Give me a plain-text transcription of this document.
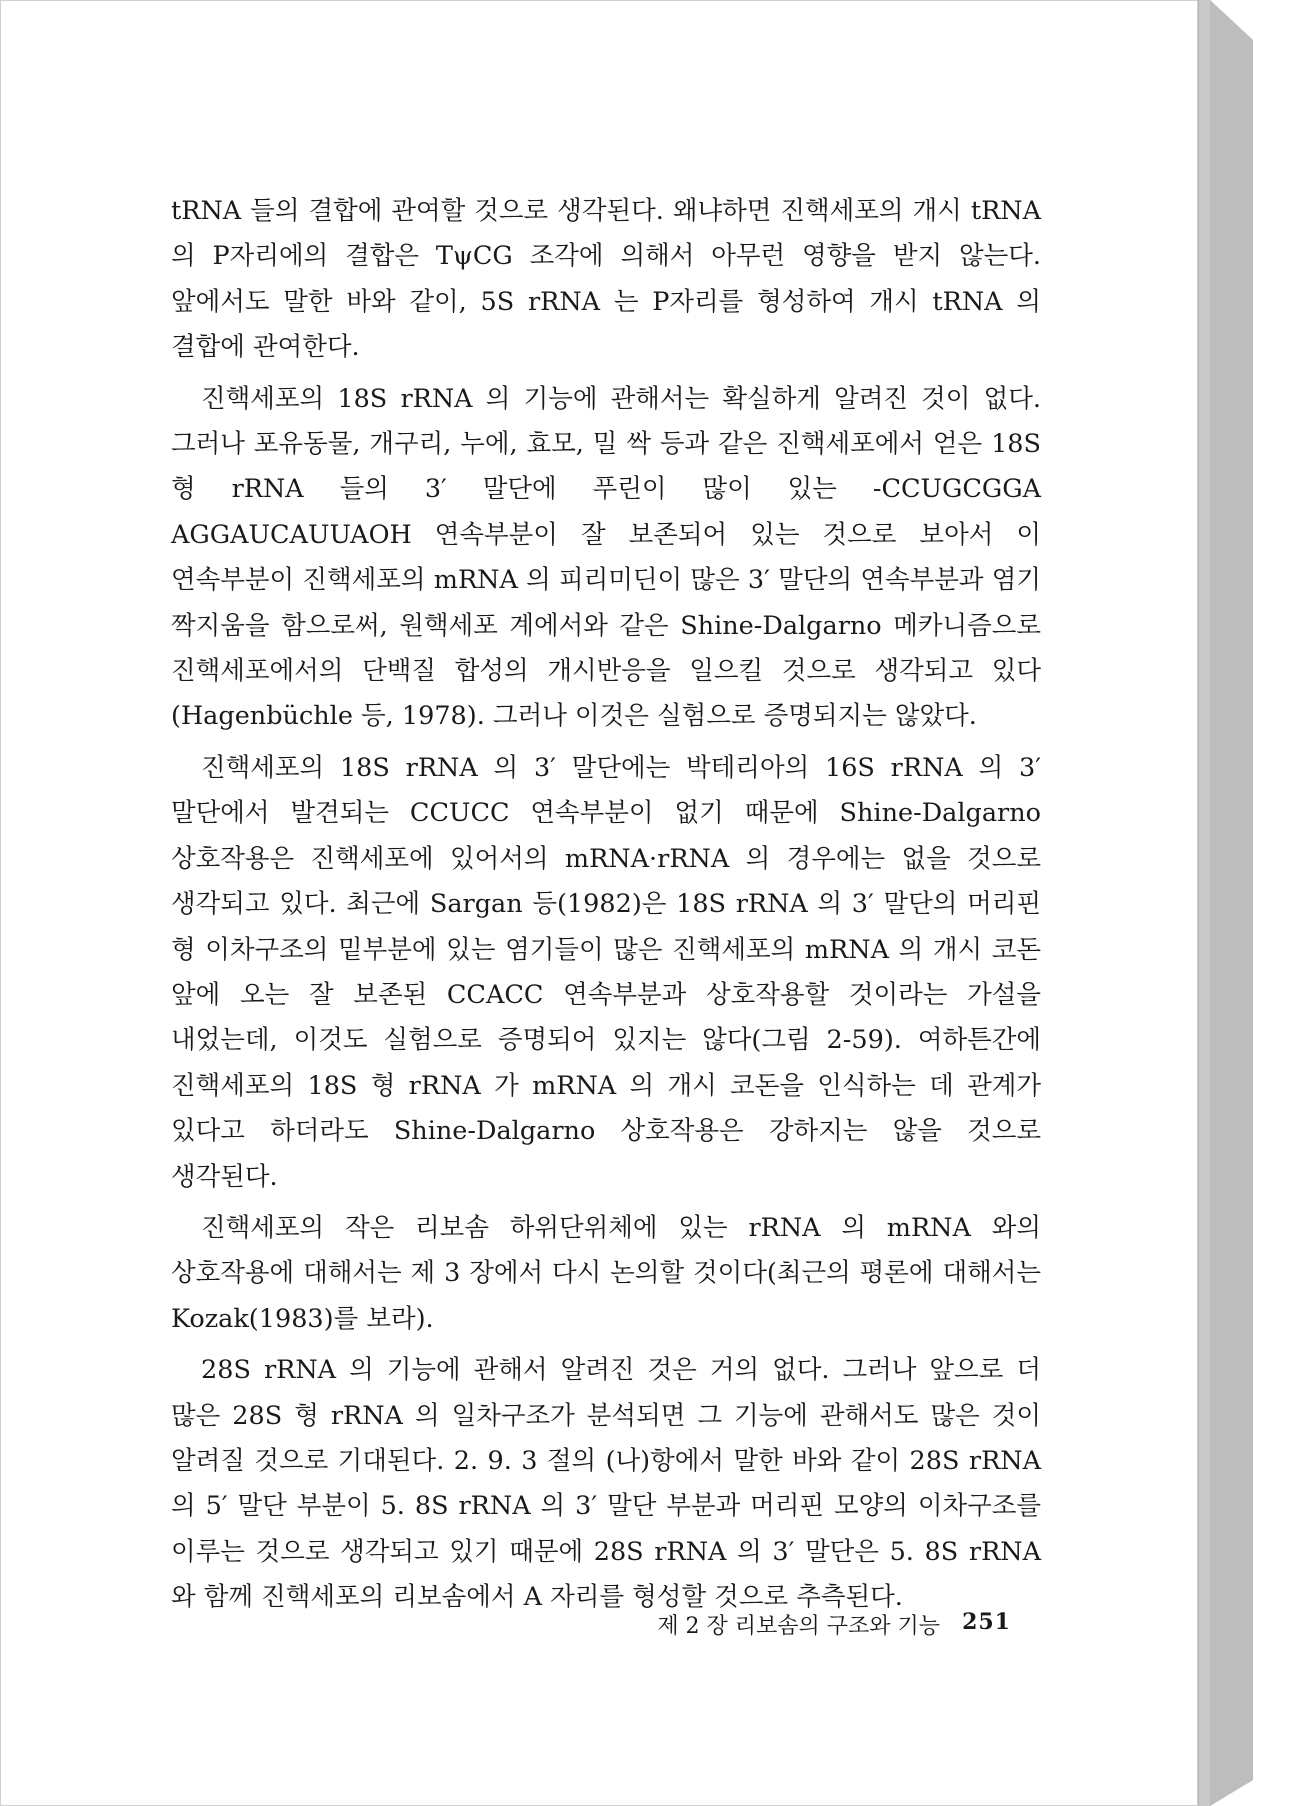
tRNA 들의 결합에 관여할 것으로 생각된다. 왜냐하면 진핵세포의 개시 tRNA 의 P자리에의 결합은 TψCG 조각에 의해서 아무런 영향을 받지 않는다. 앞에서도 말한 바와 같이, 5S rRNA 는 P자리를 형성하여 개시 tRNA 의 결합에 관여한다.

진핵세포의 18S rRNA 의 기능에 관해서는 확실하게 알려진 것이 없다. 그러나 포유동물, 개구리, 누에, 효모, 밀 싹 등과 같은 진핵세포에서 얻은 18S 형 rRNA 들의 3′ 말단에 푸린이 많이 있는 -CCUGCGGA AGGAUCAUUAOH 연속부분이 잘 보존되어 있는 것으로 보아서 이 연속부분이 진핵세포의 mRNA 의 피리미딘이 많은 3′ 말단의 연속부분과 염기 짝지움을 함으로써, 원핵세포 계에서와 같은 Shine-Dalgarno 메카니즘으로 진핵세포에서의 단백질 합성의 개시반응을 일으킬 것으로 생각되고 있다(Hagenbüchle 등, 1978). 그러나 이것은 실험으로 증명되지는 않았다.

진핵세포의 18S rRNA 의 3′ 말단에는 박테리아의 16S rRNA 의 3′ 말단에서 발견되는 CCUCC 연속부분이 없기 때문에 Shine-Dalgarno 상호작용은 진핵세포에 있어서의 mRNA·rRNA 의 경우에는 없을 것으로 생각되고 있다. 최근에 Sargan 등(1982)은 18S rRNA 의 3′ 말단의 머리핀 형 이차구조의 밑부분에 있는 염기들이 많은 진핵세포의 mRNA 의 개시 코돈 앞에 오는 잘 보존된 CCACC 연속부분과 상호작용할 것이라는 가설을 내었는데, 이것도 실험으로 증명되어 있지는 않다(그림 2-59). 여하튼간에 진핵세포의 18S 형 rRNA 가 mRNA 의 개시 코돈을 인식하는 데 관계가 있다고 하더라도 Shine-Dalgarno 상호작용은 강하지는 않을 것으로 생각된다.

진핵세포의 작은 리보솜 하위단위체에 있는 rRNA 의 mRNA 와의 상호작용에 대해서는 제 3 장에서 다시 논의할 것이다(최근의 평론에 대해서는 Kozak(1983)를 보라).

28S rRNA 의 기능에 관해서 알려진 것은 거의 없다. 그러나 앞으로 더 많은 28S 형 rRNA 의 일차구조가 분석되면 그 기능에 관해서도 많은 것이 알려질 것으로 기대된다. 2. 9. 3 절의 (나)항에서 말한 바와 같이 28S rRNA 의 5′ 말단 부분이 5. 8S rRNA 의 3′ 말단 부분과 머리핀 모양의 이차구조를 이루는 것으로 생각되고 있기 때문에 28S rRNA 의 3′ 말단은 5. 8S rRNA 와 함께 진핵세포의 리보솜에서 A 자리를 형성할 것으로 추측된다.

제 2 장 리보솜의 구조와 기능 251
